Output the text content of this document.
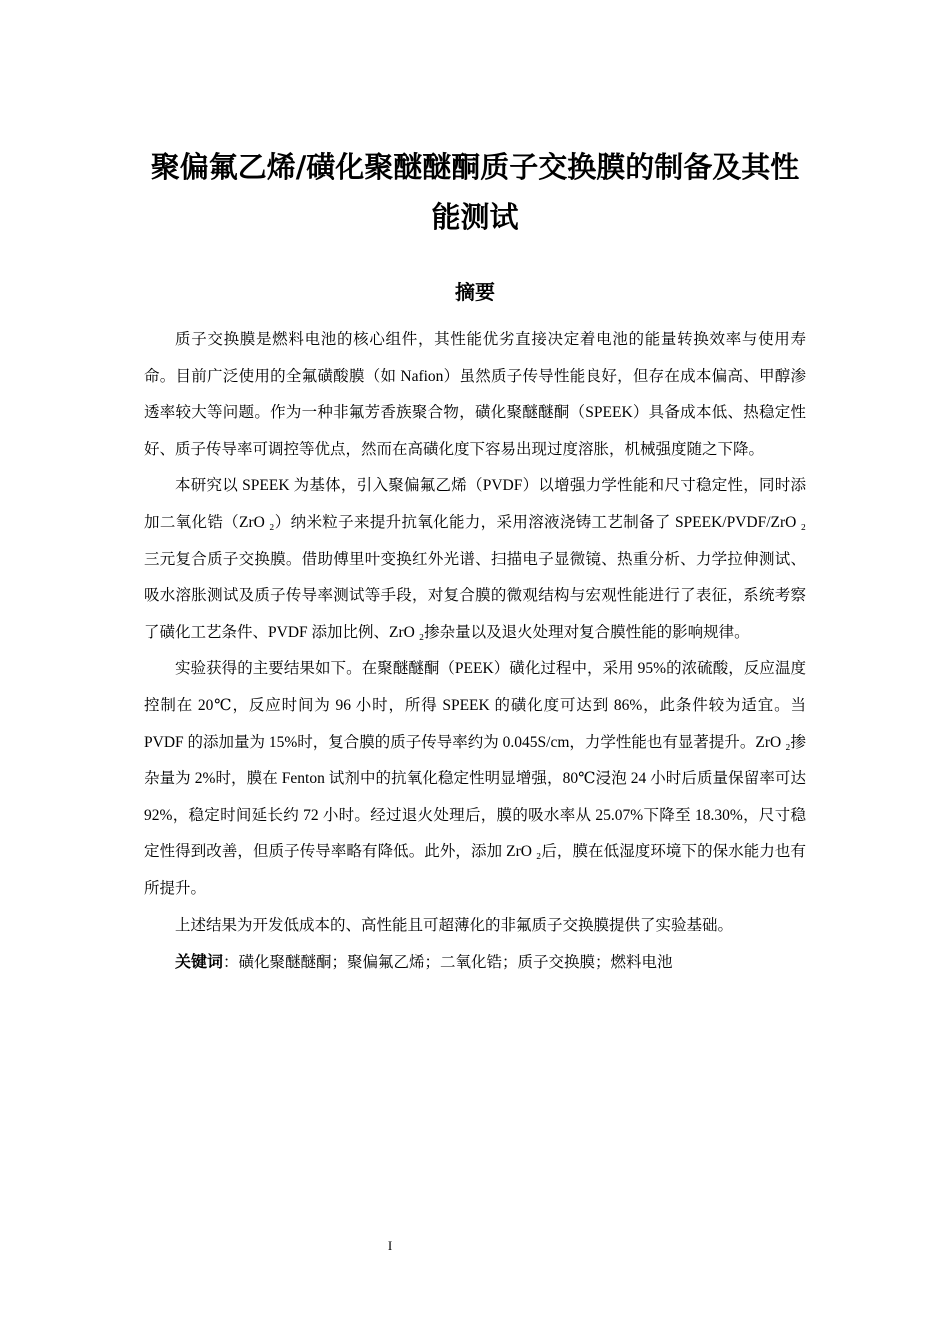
聚偏氟乙烯/磺化聚醚醚酮质子交换膜的制备及其性能测试
摘要

质子交换膜是燃料电池的核心组件，其性能优劣直接决定着电池的能量转换效率与使用寿命。目前广泛使用的全氟磺酸膜（如 Nafion）虽然质子传导性能良好，但存在成本偏高、甲醇渗透率较大等问题。作为一种非氟芳香族聚合物，磺化聚醚醚酮（SPEEK）具备成本低、热稳定性好、质子传导率可调控等优点，然而在高磺化度下容易出现过度溶胀，机械强度随之下降。

本研究以 SPEEK 为基体，引入聚偏氟乙烯（PVDF）以增强力学性能和尺寸稳定性，同时添加二氧化锆（ZrO ₂）纳米粒子来提升抗氧化能力，采用溶液浇铸工艺制备了 SPEEK/PVDF/ZrO ₂三元复合质子交换膜。借助傅里叶变换红外光谱、扫描电子显微镜、热重分析、力学拉伸测试、吸水溶胀测试及质子传导率测试等手段，对复合膜的微观结构与宏观性能进行了表征，系统考察了磺化工艺条件、PVDF 添加比例、ZrO ₂掺杂量以及退火处理对复合膜性能的影响规律。

实验获得的主要结果如下。在聚醚醚酮（PEEK）磺化过程中，采用 95%的浓硫酸，反应温度控制在 20℃，反应时间为 96 小时，所得 SPEEK 的磺化度可达到 86%，此条件较为适宜。当 PVDF 的添加量为 15%时，复合膜的质子传导率约为 0.045S/cm，力学性能也有显著提升。ZrO ₂掺杂量为 2%时，膜在 Fenton 试剂中的抗氧化稳定性明显增强，80℃浸泡 24 小时后质量保留率可达 92%，稳定时间延长约 72 小时。经过退火处理后，膜的吸水率从 25.07%下降至 18.30%，尺寸稳定性得到改善，但质子传导率略有降低。此外，添加 ZrO ₂后，膜在低湿度环境下的保水能力也有所提升。

上述结果为开发低成本的、高性能且可超薄化的非氟质子交换膜提供了实验基础。

关键词：磺化聚醚醚酮；聚偏氟乙烯；二氧化锆；质子交换膜；燃料电池

I
